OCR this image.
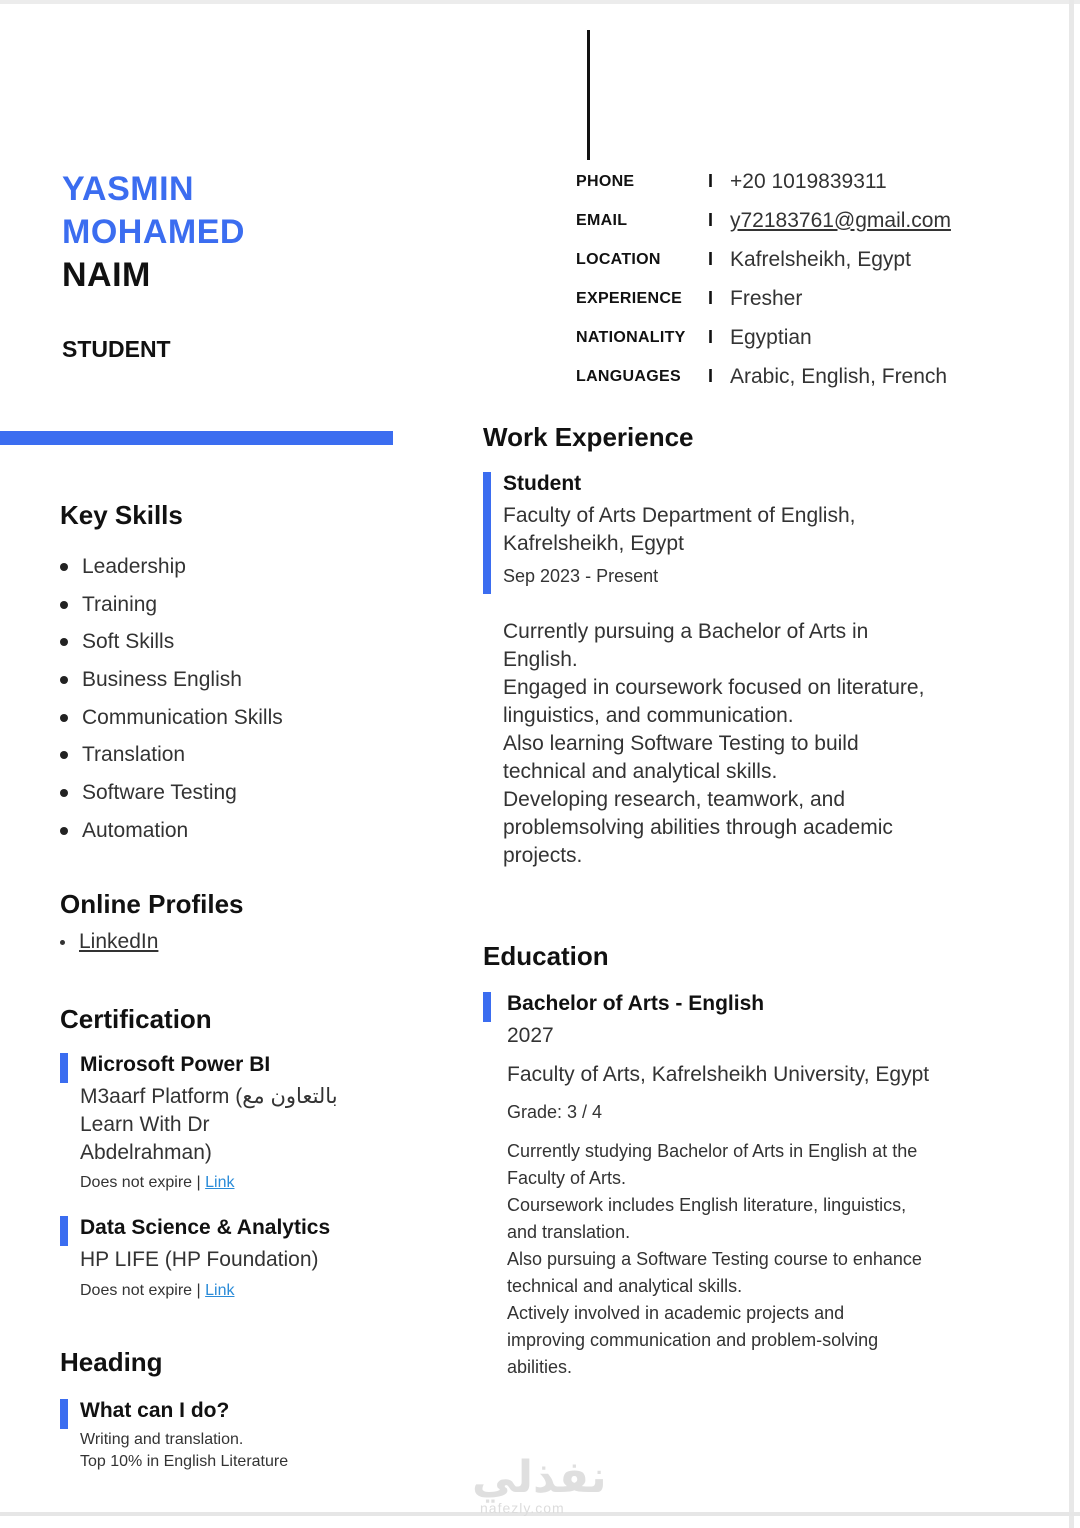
YASMIN
MOHAMED
NAIM
STUDENT
PHONE	I +20 1019839311
EMAIL	I y72183761@gmail.com
LOCATION	I Kafrelsheikh, Egypt
EXPERIENCE	I Fresher
NATIONALITY	I Egyptian
LANGUAGES	I Arabic, English, French
Key Skills
Leadership
Training
Soft Skills
Business English
Communication Skills
Translation
Software Testing
Automation
Online Profiles
LinkedIn
Certification
Microsoft Power BI
M3aarf Platform (بالتعاون مع
Learn With Dr
Abdelrahman)
Does not expire | Link
Data Science & Analytics
HP LIFE (HP Foundation)
Does not expire | Link
Heading
What can I do?
Writing and translation.
Top 10% in English Literature
Work Experience
Student
Faculty of Arts Department of English,
Kafrelsheikh, Egypt
Sep 2023 - Present
Currently pursuing a Bachelor of Arts in
English.
Engaged in coursework focused on literature,
linguistics, and communication.
Also learning Software Testing to build
technical and analytical skills.
Developing research, teamwork, and
problemsolving abilities through academic
projects.
Education
Bachelor of Arts - English
2027
Faculty of Arts, Kafrelsheikh University, Egypt
Grade: 3 / 4
Currently studying Bachelor of Arts in English at the
Faculty of Arts.
Coursework includes English literature, linguistics,
and translation.
Also pursuing a Software Testing course to enhance
technical and analytical skills.
Actively involved in academic projects and
improving communication and problem-solving
abilities.
نفذلي
nafezly.com
